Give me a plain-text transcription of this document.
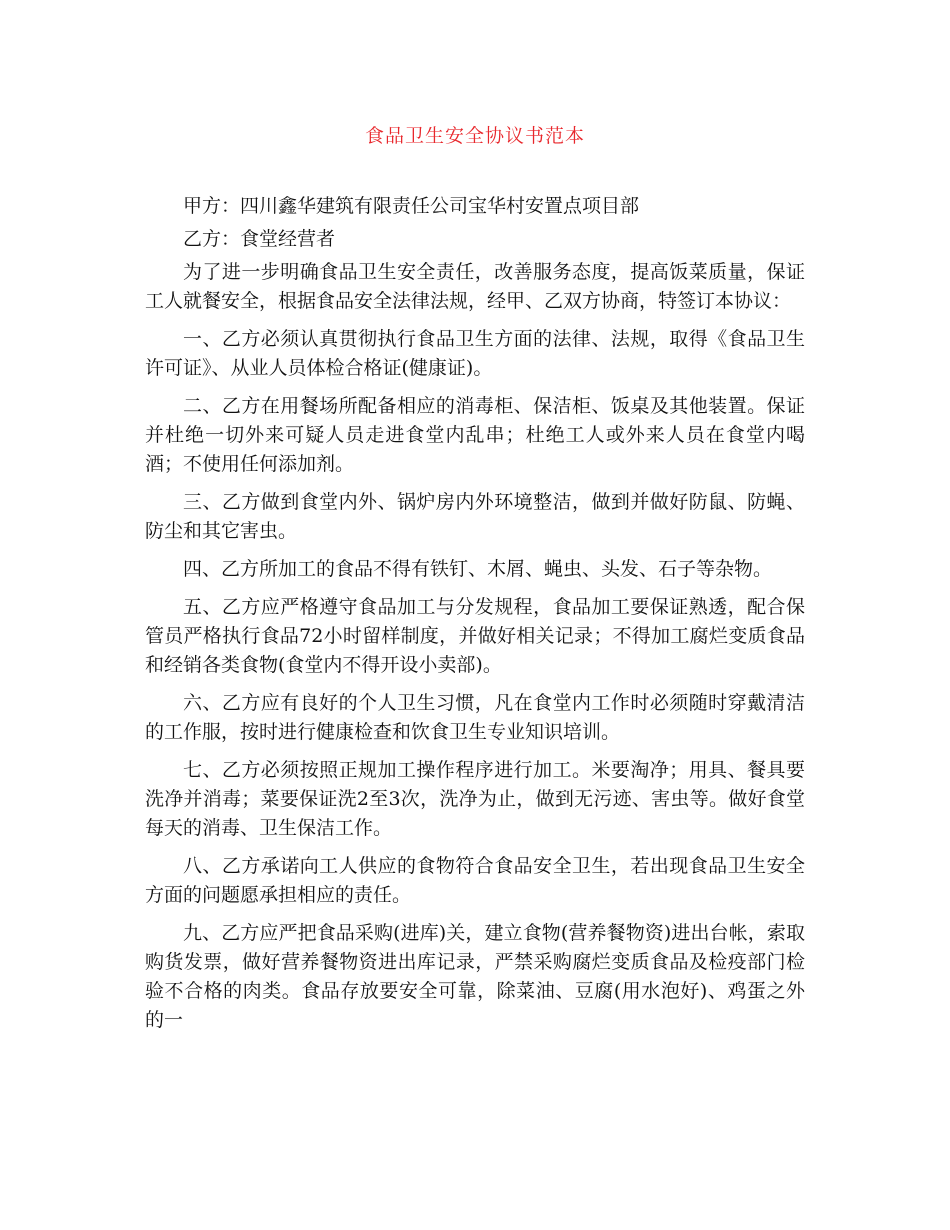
食品卫生安全协议书范本

甲方：四川鑫华建筑有限责任公司宝华村安置点项目部

乙方：食堂经营者

为了进一步明确食品卫生安全责任，改善服务态度，提高饭菜质量，保证工人就餐安全，根据食品安全法律法规，经甲、乙双方协商，特签订本协议：

一、乙方必须认真贯彻执行食品卫生方面的法律、法规，取得《食品卫生许可证》、从业人员体检合格证(健康证)。

二、乙方在用餐场所配备相应的消毒柜、保洁柜、饭桌及其他装置。保证并杜绝一切外来可疑人员走进食堂内乱串；杜绝工人或外来人员在食堂内喝酒；不使用任何添加剂。

三、乙方做到食堂内外、锅炉房内外环境整洁，做到并做好防鼠、防蝇、防尘和其它害虫。

四、乙方所加工的食品不得有铁钉、木屑、蝇虫、头发、石子等杂物。

五、乙方应严格遵守食品加工与分发规程，食品加工要保证熟透，配合保管员严格执行食品72小时留样制度，并做好相关记录；不得加工腐烂变质食品和经销各类食物(食堂内不得开设小卖部)。

六、乙方应有良好的个人卫生习惯，凡在食堂内工作时必须随时穿戴清洁的工作服，按时进行健康检查和饮食卫生专业知识培训。

七、乙方必须按照正规加工操作程序进行加工。米要淘净；用具、餐具要洗净并消毒；菜要保证洗2至3次，洗净为止，做到无污迹、害虫等。做好食堂每天的消毒、卫生保洁工作。

八、乙方承诺向工人供应的食物符合食品安全卫生，若出现食品卫生安全方面的问题愿承担相应的责任。

九、乙方应严把食品采购(进库)关，建立食物(营养餐物资)进出台帐，索取购货发票，做好营养餐物资进出库记录，严禁采购腐烂变质食品及检疫部门检验不合格的肉类。食品存放要安全可靠，除菜油、豆腐(用水泡好)、鸡蛋之外的一
